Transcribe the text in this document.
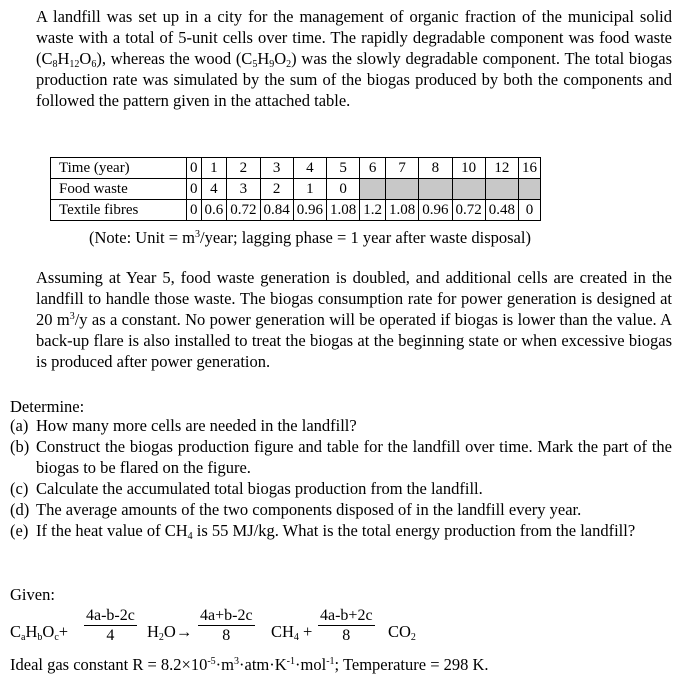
A landfill was set up in a city for the management of organic fraction of the municipal solid waste with a total of 5-unit cells over time. The rapidly degradable component was food waste $(C_8H_{12}O_6)$, whereas the wood $(C_5H_9O_2)$ was the slowly degradable component. The total biogas production rate was simulated by the sum of the biogas produced by both the components and followed the pattern given in the attached table.
Time (year)	0	1	2	3	4	5	6	7	8	10	12	16
Food waste	0	4	3	2	1	0						
Textile fibres	0	0.6	0.72	0.84	0.96	1.08	1.2	1.08	0.96	0.72	0.48	0
(Note: Unit = $m^3$/year; lagging phase = 1 year after waste disposal)
Assuming at Year 5, food waste generation is doubled, and additional cells are created in the landfill to handle those waste. The biogas consumption rate for power generation is designed at 20 $m^3/y$ as a constant. No power generation will be operated if biogas is lower than the value. A back-up flare is also installed to treat the biogas at the beginning state or when excessive biogas is produced after power generation.
Determine:
(a) How many more cells are needed in the landfill?
(b) Construct the biogas production figure and table for the landfill over time. Mark the part of the biogas to be flared on the figure.
(c) Calculate the accumulated total biogas production from the landfill.
(d) The average amounts of the two components disposed of in the landfill every year.
(e) If the heat value of $CH_4$ is 55 MJ/kg. What is the total energy production from the landfill?
Given:
$C_aH_bO_c+ \frac{4a-b-2c}{4} H_2O\to \frac{4a+b-2c}{8} CH_4 + \frac{4a-b+2c}{8} CO_2$
Ideal gas constant $R = 8.2\times 10^{-5}\cdot m^3\cdot atm\cdot K^{-1}\cdot mol^{-1}$; Temperature = 298 K.
